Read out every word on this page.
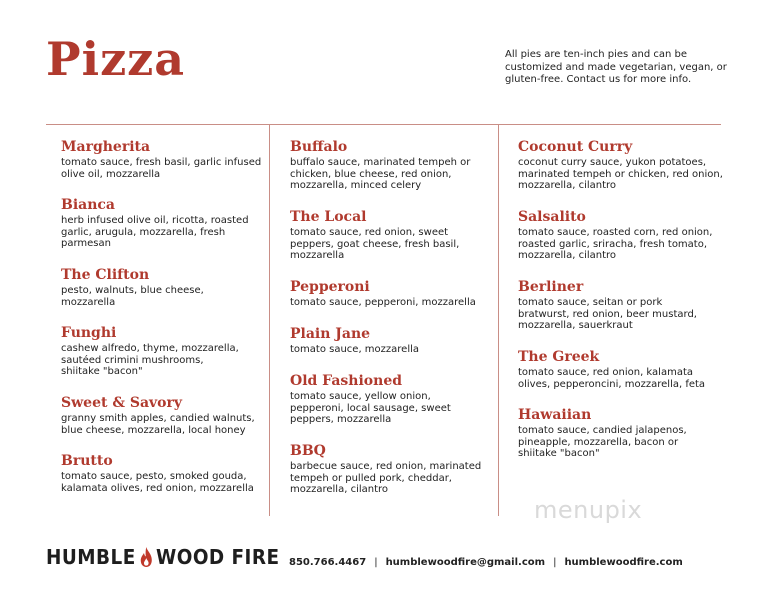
Pizza	All pies are ten-inch pies and can be customized and made vegetarian, vegan, or gluten-free. Contact us for more info.
Margherita
tomato sauce, fresh basil, garlic infused olive oil, mozzarella
Bianca
herb infused olive oil, ricotta, roasted garlic, arugula, mozzarella, fresh parmesan
The Clifton
pesto, walnuts, blue cheese, mozzarella
Funghi
cashew alfredo, thyme, mozzarella, sautéed crimini mushrooms, shiitake "bacon"
Sweet & Savory
granny smith apples, candied walnuts, blue cheese, mozzarella, local honey
Brutto
tomato sauce, pesto, smoked gouda, kalamata olives, red onion, mozzarella
Buffalo
buffalo sauce, marinated tempeh or chicken, blue cheese, red onion, mozzarella, minced celery
The Local
tomato sauce, red onion, sweet peppers, goat cheese, fresh basil, mozzarella
Pepperoni
tomato sauce, pepperoni, mozzarella
Plain Jane
tomato sauce, mozzarella
Old Fashioned
tomato sauce, yellow onion, pepperoni, local sausage, sweet peppers, mozzarella
BBQ
barbecue sauce, red onion, marinated tempeh or pulled pork, cheddar, mozzarella, cilantro
Coconut Curry
coconut curry sauce, yukon potatoes, marinated tempeh or chicken, red onion, mozzarella, cilantro
Salsalito
tomato sauce, roasted corn, red onion, roasted garlic, sriracha, fresh tomato, mozzarella, cilantro
Berliner
tomato sauce, seitan or pork bratwurst, red onion, beer mustard, mozzarella, sauerkraut
The Greek
tomato sauce, red onion, kalamata olives, pepperoncini, mozzarella, feta
Hawaiian
tomato sauce, candied jalapenos, pineapple, mozzarella, bacon or shiitake "bacon"
menupix
HUMBLE WOOD FIRE 850.766.4467 | humblewoodfire@gmail.com | humblewoodfire.com
